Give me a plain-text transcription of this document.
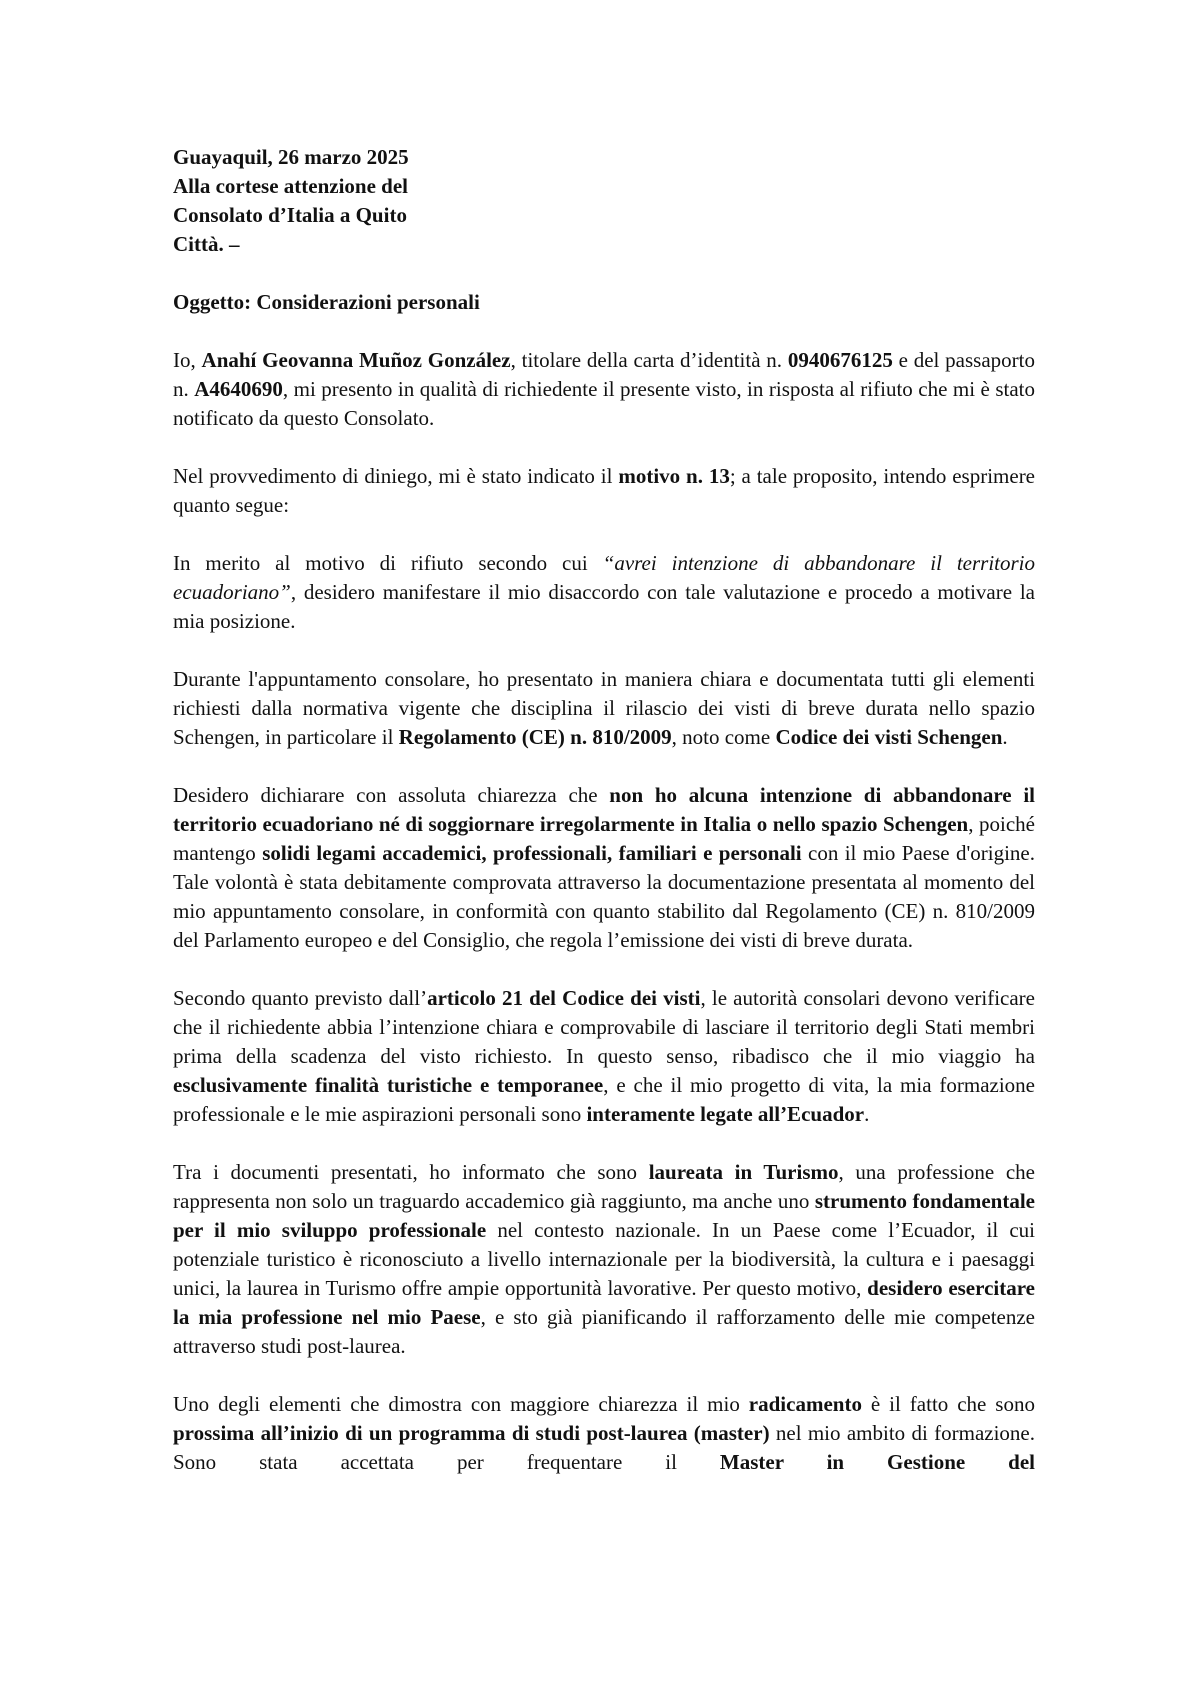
Guayaquil, 26 marzo 2025
Alla cortese attenzione del
Consolato d’Italia a Quito
Città. –

Oggetto: Considerazioni personali

Io, Anahí Geovanna Muñoz González, titolare della carta d’identità n. 0940676125 e del passaporto n. A4640690, mi presento in qualità di richiedente il presente visto, in risposta al rifiuto che mi è stato notificato da questo Consolato.

Nel provvedimento di diniego, mi è stato indicato il motivo n. 13; a tale proposito, intendo esprimere quanto segue:

In merito al motivo di rifiuto secondo cui “avrei intenzione di abbandonare il territorio ecuadoriano”, desidero manifestare il mio disaccordo con tale valutazione e procedo a motivare la mia posizione.

Durante l'appuntamento consolare, ho presentato in maniera chiara e documentata tutti gli elementi richiesti dalla normativa vigente che disciplina il rilascio dei visti di breve durata nello spazio Schengen, in particolare il Regolamento (CE) n. 810/2009, noto come Codice dei visti Schengen.

Desidero dichiarare con assoluta chiarezza che non ho alcuna intenzione di abbandonare il territorio ecuadoriano né di soggiornare irregolarmente in Italia o nello spazio Schengen, poiché mantengo solidi legami accademici, professionali, familiari e personali con il mio Paese d'origine. Tale volontà è stata debitamente comprovata attraverso la documentazione presentata al momento del mio appuntamento consolare, in conformità con quanto stabilito dal Regolamento (CE) n. 810/2009 del Parlamento europeo e del Consiglio, che regola l’emissione dei visti di breve durata.

Secondo quanto previsto dall’articolo 21 del Codice dei visti, le autorità consolari devono verificare che il richiedente abbia l’intenzione chiara e comprovabile di lasciare il territorio degli Stati membri prima della scadenza del visto richiesto. In questo senso, ribadisco che il mio viaggio ha esclusivamente finalità turistiche e temporanee, e che il mio progetto di vita, la mia formazione professionale e le mie aspirazioni personali sono interamente legate all’Ecuador.

Tra i documenti presentati, ho informato che sono laureata in Turismo, una professione che rappresenta non solo un traguardo accademico già raggiunto, ma anche uno strumento fondamentale per il mio sviluppo professionale nel contesto nazionale. In un Paese come l’Ecuador, il cui potenziale turistico è riconosciuto a livello internazionale per la biodiversità, la cultura e i paesaggi unici, la laurea in Turismo offre ampie opportunità lavorative. Per questo motivo, desidero esercitare la mia professione nel mio Paese, e sto già pianificando il rafforzamento delle mie competenze attraverso studi post-laurea.

Uno degli elementi che dimostra con maggiore chiarezza il mio radicamento è il fatto che sono prossima all’inizio di un programma di studi post-laurea (master) nel mio ambito di formazione. Sono stata accettata per frequentare il Master in Gestione del
